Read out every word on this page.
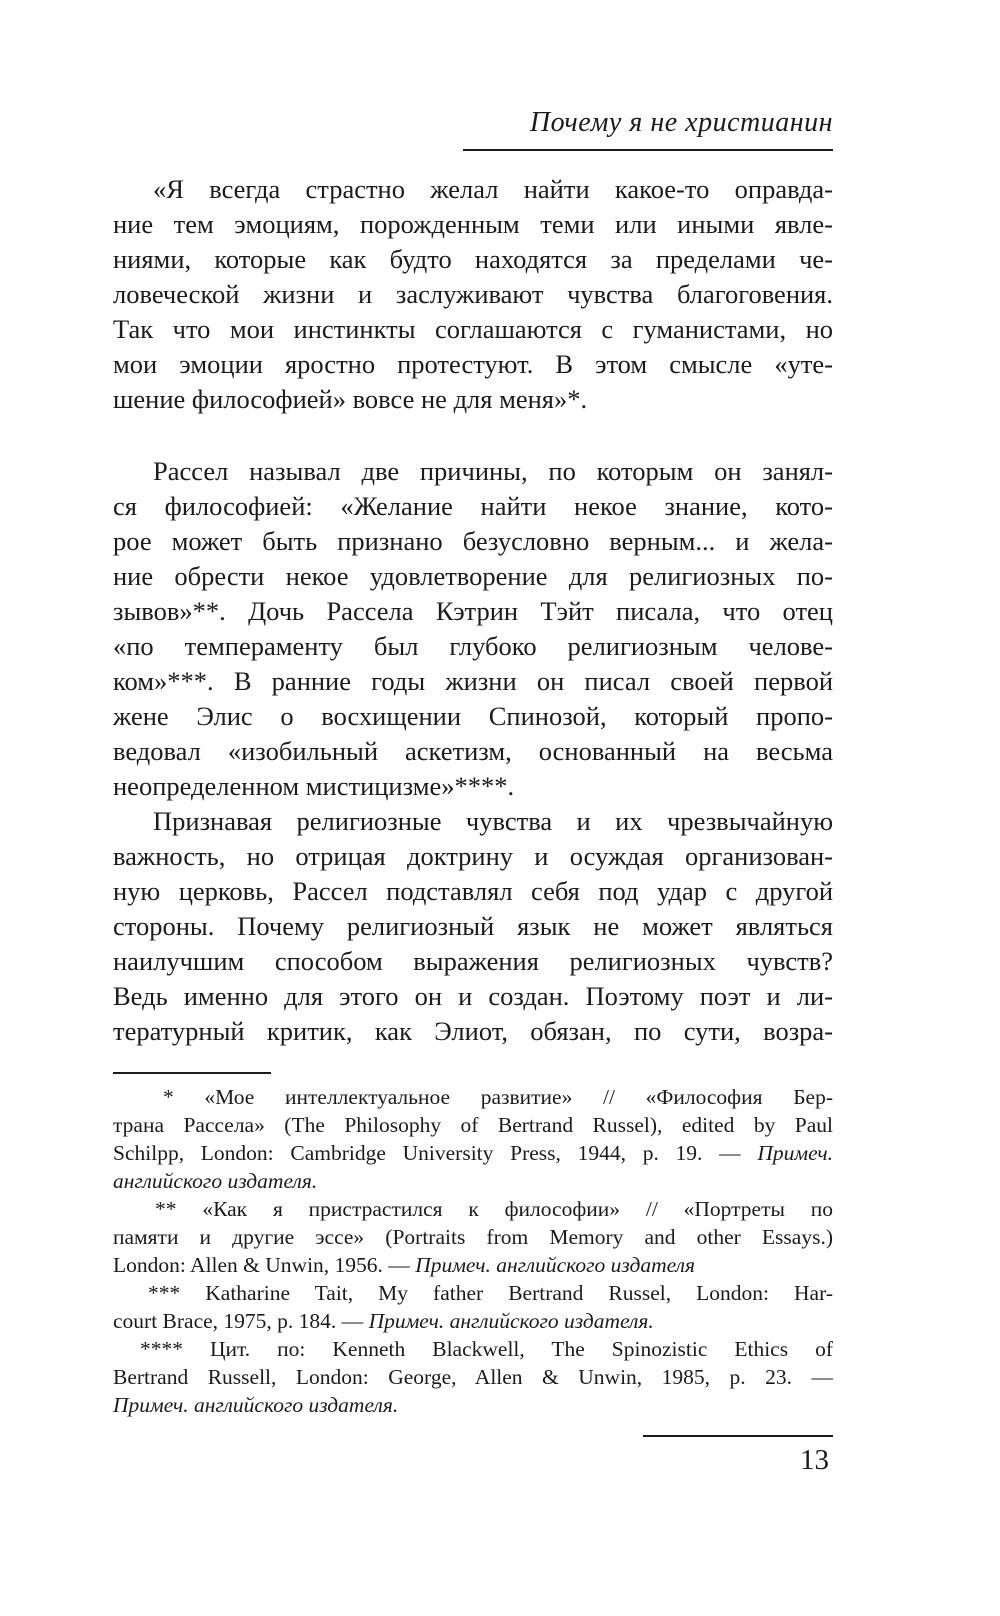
Почему я не христианин
«Я всегда страстно желал найти какое-то оправда-
ние тем эмоциям, порожденным теми или иными явле-
ниями, которые как будто находятся за пределами че-
ловеческой жизни и заслуживают чувства благоговения.
Так что мои инстинкты соглашаются с гуманистами, но
мои эмоции яростно протестуют. В этом смысле «уте-
шение философией» вовсе не для меня»*.
Рассел называл две причины, по которым он занял-
ся философией: «Желание найти некое знание, кото-
рое может быть признано безусловно верным... и жела-
ние обрести некое удовлетворение для религиозных по-
зывов»**. Дочь Рассела Кэтрин Тэйт писала, что отец
«по темпераменту был глубоко религиозным челове-
ком»***. В ранние годы жизни он писал своей первой
жене Элис о восхищении Спинозой, который пропо-
ведовал «изобильный аскетизм, основанный на весьма
неопределенном мистицизме»****.
Признавая религиозные чувства и их чрезвычайную
важность, но отрицая доктрину и осуждая организован-
ную церковь, Рассел подставлял себя под удар с другой
стороны. Почему религиозный язык не может являться
наилучшим способом выражения религиозных чувств?
Ведь именно для этого он и создан. Поэтому поэт и ли-
тературный критик, как Элиот, обязан, по сути, возра-
* «Мое интеллектуальное развитие» // «Философия Бер-
трана Рассела» (The Philosophy of Bertrand Russel), edited by Paul
Schilpp, London: Cambridge University Press, 1944, p. 19. — Примеч.
английского издателя.
** «Как я пристрастился к философии» // «Портреты по
памяти и другие эссе» (Portraits from Memory and other Essays.)
London: Allen & Unwin, 1956. — Примеч. английского издателя
*** Katharine Tait, My father Bertrand Russel, London: Har-
court Brace, 1975, p. 184. — Примеч. английского издателя.
**** Цит. по: Kenneth Blackwell, The Spinozistic Ethics of
Bertrand Russell, London: George, Allen & Unwin, 1985, p. 23. —
Примеч. английского издателя.
13
